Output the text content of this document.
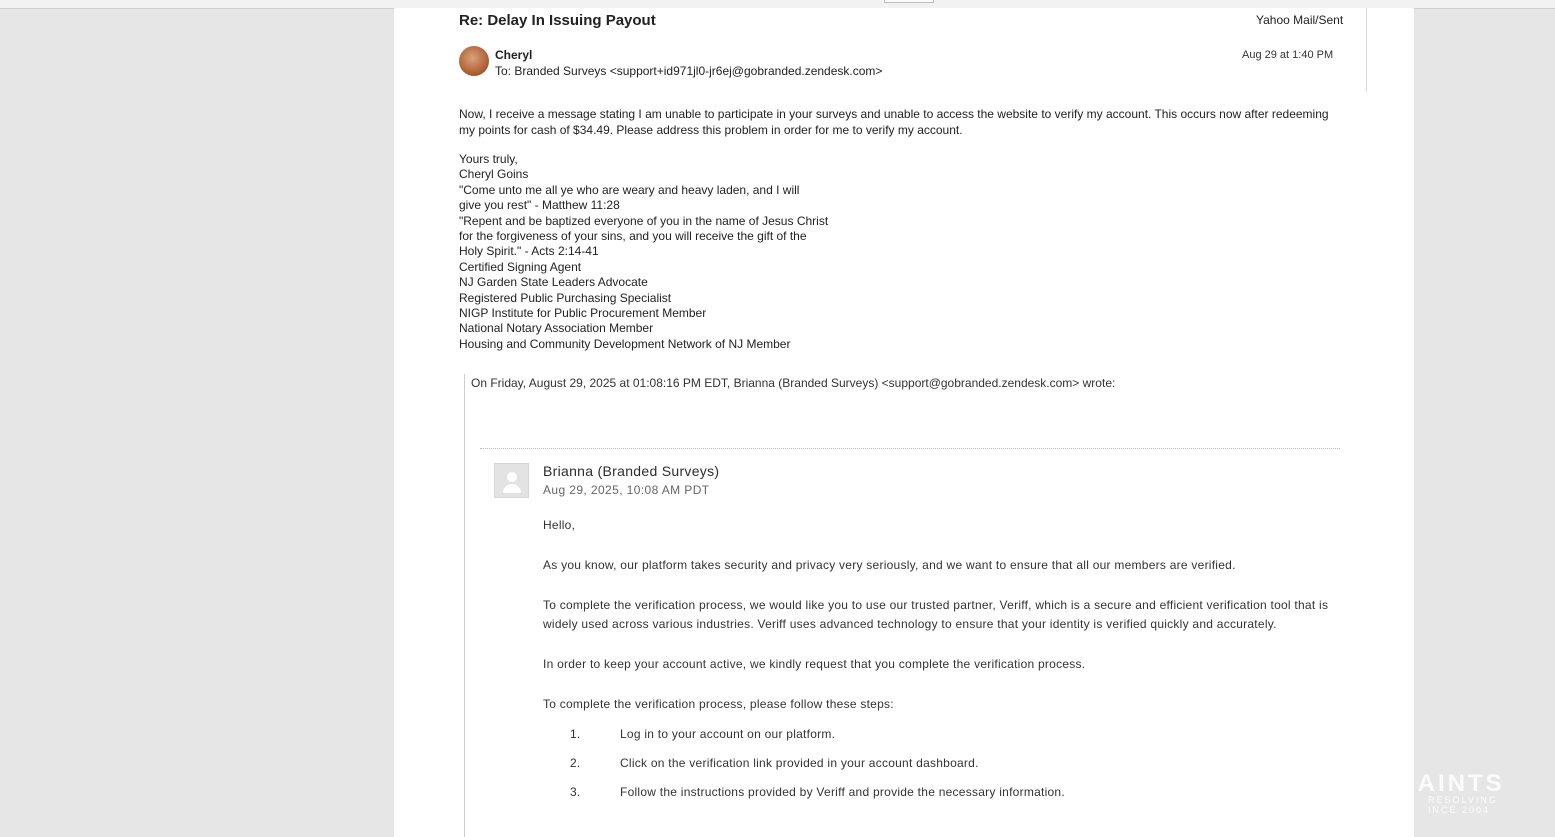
Re: Delay In Issuing Payout	Yahoo Mail/Sent
Cheryl
To: Branded Surveys <support+id971jl0-jr6ej@gobranded.zendesk.com>
Aug 29 at 1:40 PM
Now, I receive a message stating I am unable to participate in your surveys and unable to access the website to verify my account. This occurs now after redeeming my points for cash of $34.49. Please address this problem in order for me to verify my account.
Yours truly,
Cheryl Goins
"Come unto me all ye who are weary and heavy laden, and I will
give you rest" - Matthew 11:28
"Repent and be baptized everyone of you in the name of Jesus Christ
for the forgiveness of your sins, and you will receive the gift of the
Holy Spirit." - Acts 2:14-41
Certified Signing Agent
NJ Garden State Leaders Advocate
Registered Public Purchasing Specialist
NIGP Institute for Public Procurement Member
National Notary Association Member
Housing and Community Development Network of NJ Member
On Friday, August 29, 2025 at 01:08:16 PM EDT, Brianna (Branded Surveys) <support@gobranded.zendesk.com> wrote:
Brianna (Branded Surveys)
Aug 29, 2025, 10:08 AM PDT
Hello,
As you know, our platform takes security and privacy very seriously, and we want to ensure that all our members are verified.
To complete the verification process, we would like you to use our trusted partner, Veriff, which is a secure and efficient verification tool that is widely used across various industries. Veriff uses advanced technology to ensure that your identity is verified quickly and accurately.
In order to keep your account active, we kindly request that you complete the verification process.
To complete the verification process, please follow these steps:
1.	Log in to your account on our platform.
2.	Click on the verification link provided in your account dashboard.
3.	Follow the instructions provided by Veriff and provide the necessary information.	LAINTS
RESOLVING
INCE 2004
